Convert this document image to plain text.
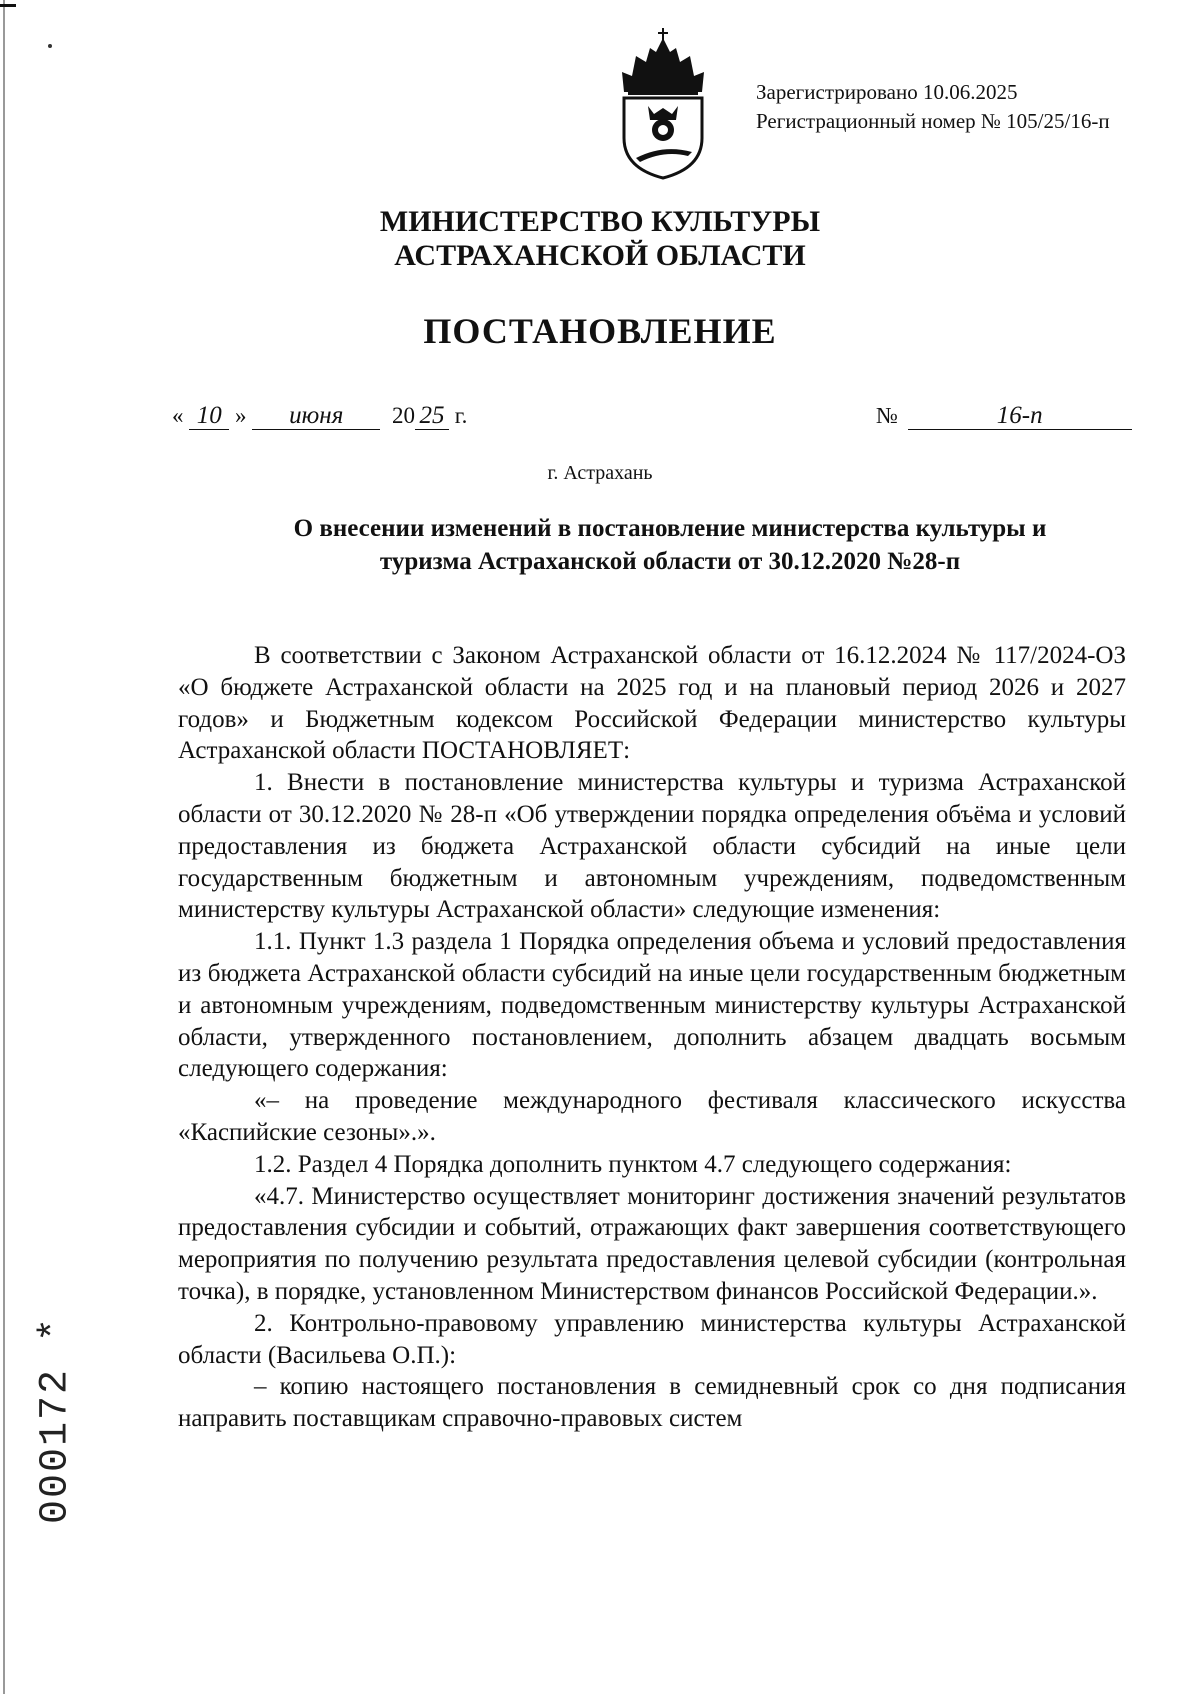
000172 *
Зарегистрировано 10.06.2025
Регистрационный номер № 105/25/16-п
МИНИСТЕРСТВО КУЛЬТУРЫ
АСТРАХАНСКОЙ ОБЛАСТИ
ПОСТАНОВЛЕНИЕ
« 10 » июня 20 25 г.	№	16-п
г. Астрахань
О внесении изменений в постановление министерства культуры и
туризма Астраханской области от 30.12.2020 №28-п

В соответствии с Законом Астраханской области от 16.12.2024 № 117/2024-ОЗ «О бюджете Астраханской области на 2025 год и на плановый период 2026 и 2027 годов» и Бюджетным кодексом Российской Федерации министерство культуры Астраханской области ПОСТАНОВЛЯЕТ:

1. Внести в постановление министерства культуры и туризма Астраханской области от 30.12.2020 № 28-п «Об утверждении порядка определения объёма и условий предоставления из бюджета Астраханской области субсидий на иные цели государственным бюджетным и автономным учреждениям, подведомственным министерству культуры Астраханской области» следующие изменения:

1.1. Пункт 1.3 раздела 1 Порядка определения объема и условий предоставления из бюджета Астраханской области субсидий на иные цели государственным бюджетным и автономным учреждениям, подведомственным министерству культуры Астраханской области, утвержденного постановлением, дополнить абзацем двадцать восьмым следующего содержания:

«– на проведение международного фестиваля классического искусства «Каспийские сезоны».».

1.2. Раздел 4 Порядка дополнить пунктом 4.7 следующего содержания:

«4.7. Министерство осуществляет мониторинг достижения значений результатов предоставления субсидии и событий, отражающих факт завершения соответствующего мероприятия по получению результата предоставления целевой субсидии (контрольная точка), в порядке, установленном Министерством финансов Российской Федерации.».

2. Контрольно-правовому управлению министерства культуры Астраханской области (Васильева О.П.):

– копию настоящего постановления в семидневный срок со дня подписания направить поставщикам справочно-правовых систем
